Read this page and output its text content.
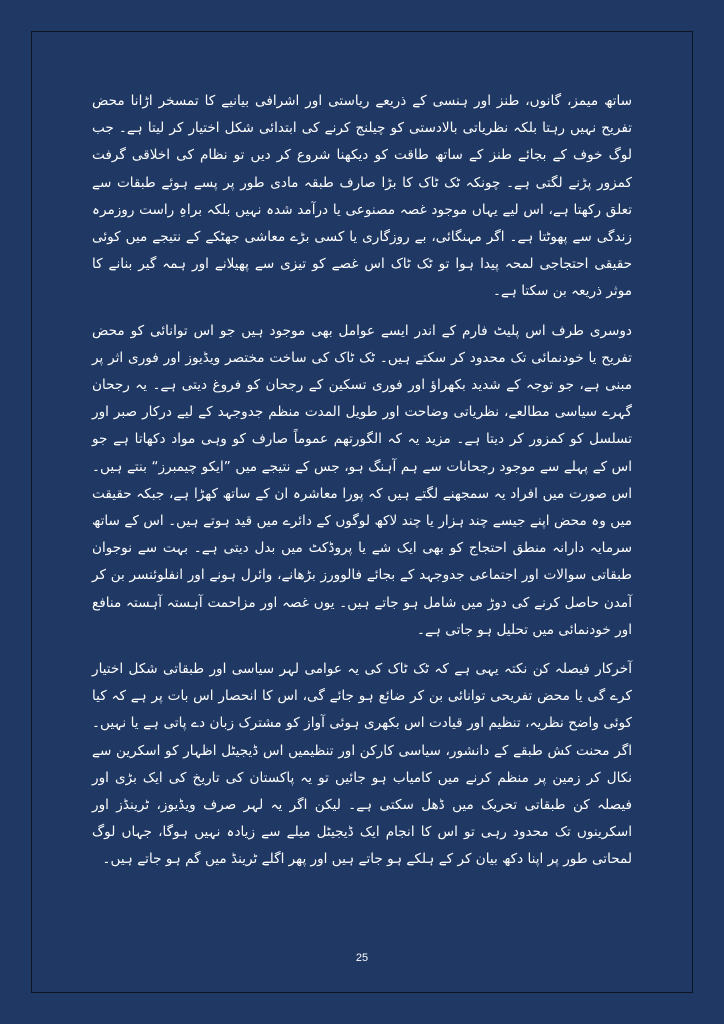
ساتھ میمز، گانوں، طنز اور ہنسی کے ذریعے ریاستی اور اشرافی بیانیے کا تمسخر اڑانا محض تفریح نہیں رہتا بلکہ نظریاتی بالادستی کو چیلنج کرنے کی ابتدائی شکل اختیار کر لیتا ہے۔ جب لوگ خوف کے بجائے طنز کے ساتھ طاقت کو دیکھنا شروع کر دیں تو نظام کی اخلاقی گرفت کمزور پڑنے لگتی ہے۔ چونکہ ٹک ٹاک کا بڑا صارف طبقہ مادی طور پر پسے ہوئے طبقات سے تعلق رکھتا ہے، اس لیے یہاں موجود غصہ مصنوعی یا درآمد شدہ نہیں بلکہ براہِ راست روزمرہ زندگی سے پھوٹتا ہے۔ اگر مہنگائی، بے روزگاری یا کسی بڑے معاشی جھٹکے کے نتیجے میں کوئی حقیقی احتجاجی لمحہ پیدا ہوا تو ٹک ٹاک اس غصے کو تیزی سے پھیلانے اور ہمہ گیر بنانے کا موثر ذریعہ بن سکتا ہے۔

دوسری طرف اس پلیٹ فارم کے اندر ایسے عوامل بھی موجود ہیں جو اس توانائی کو محض تفریح یا خودنمائی تک محدود کر سکتے ہیں۔ ٹک ٹاک کی ساخت مختصر ویڈیوز اور فوری اثر پر مبنی ہے، جو توجہ کے شدید بکھراؤ اور فوری تسکین کے رجحان کو فروغ دیتی ہے۔ یہ رجحان گہرے سیاسی مطالعے، نظریاتی وضاحت اور طویل المدت منظم جدوجہد کے لیے درکار صبر اور تسلسل کو کمزور کر دیتا ہے۔ مزید یہ کہ الگورتھم عموماً صارف کو وہی مواد دکھاتا ہے جو اس کے پہلے سے موجود رجحانات سے ہم آہنگ ہو، جس کے نتیجے میں ”ایکو چیمبرز“ بنتے ہیں۔ اس صورت میں افراد یہ سمجھنے لگتے ہیں کہ پورا معاشرہ ان کے ساتھ کھڑا ہے، جبکہ حقیقت میں وہ محض اپنے جیسے چند ہزار یا چند لاکھ لوگوں کے دائرے میں قید ہوتے ہیں۔ اس کے ساتھ سرمایہ دارانہ منطق احتجاج کو بھی ایک شے یا پروڈکٹ میں بدل دیتی ہے۔ بہت سے نوجوان طبقاتی سوالات اور اجتماعی جدوجہد کے بجائے فالوورز بڑھانے، وائرل ہونے اور انفلوئنسر بن کر آمدن حاصل کرنے کی دوڑ میں شامل ہو جاتے ہیں۔ یوں غصہ اور مزاحمت آہستہ آہستہ منافع اور خودنمائی میں تحلیل ہو جاتی ہے۔

آخرکار فیصلہ کن نکتہ یہی ہے کہ ٹک ٹاک کی یہ عوامی لہر سیاسی اور طبقاتی شکل اختیار کرے گی یا محض تفریحی توانائی بن کر ضائع ہو جائے گی، اس کا انحصار اس بات پر ہے کہ کیا کوئی واضح نظریہ، تنظیم اور قیادت اس بکھری ہوئی آواز کو مشترک زبان دے پاتی ہے یا نہیں۔ اگر محنت کش طبقے کے دانشور، سیاسی کارکن اور تنظیمیں اس ڈیجیٹل اظہار کو اسکرین سے نکال کر زمین پر منظم کرنے میں کامیاب ہو جائیں تو یہ پاکستان کی تاریخ کی ایک بڑی اور فیصلہ کن طبقاتی تحریک میں ڈھل سکتی ہے۔ لیکن اگر یہ لہر صرف ویڈیوز، ٹرینڈز اور اسکرینوں تک محدود رہی تو اس کا انجام ایک ڈیجیٹل میلے سے زیادہ نہیں ہوگا، جہاں لوگ لمحاتی طور پر اپنا دکھ بیان کر کے ہلکے ہو جاتے ہیں اور پھر اگلے ٹرینڈ میں گم ہو جاتے ہیں۔

25
